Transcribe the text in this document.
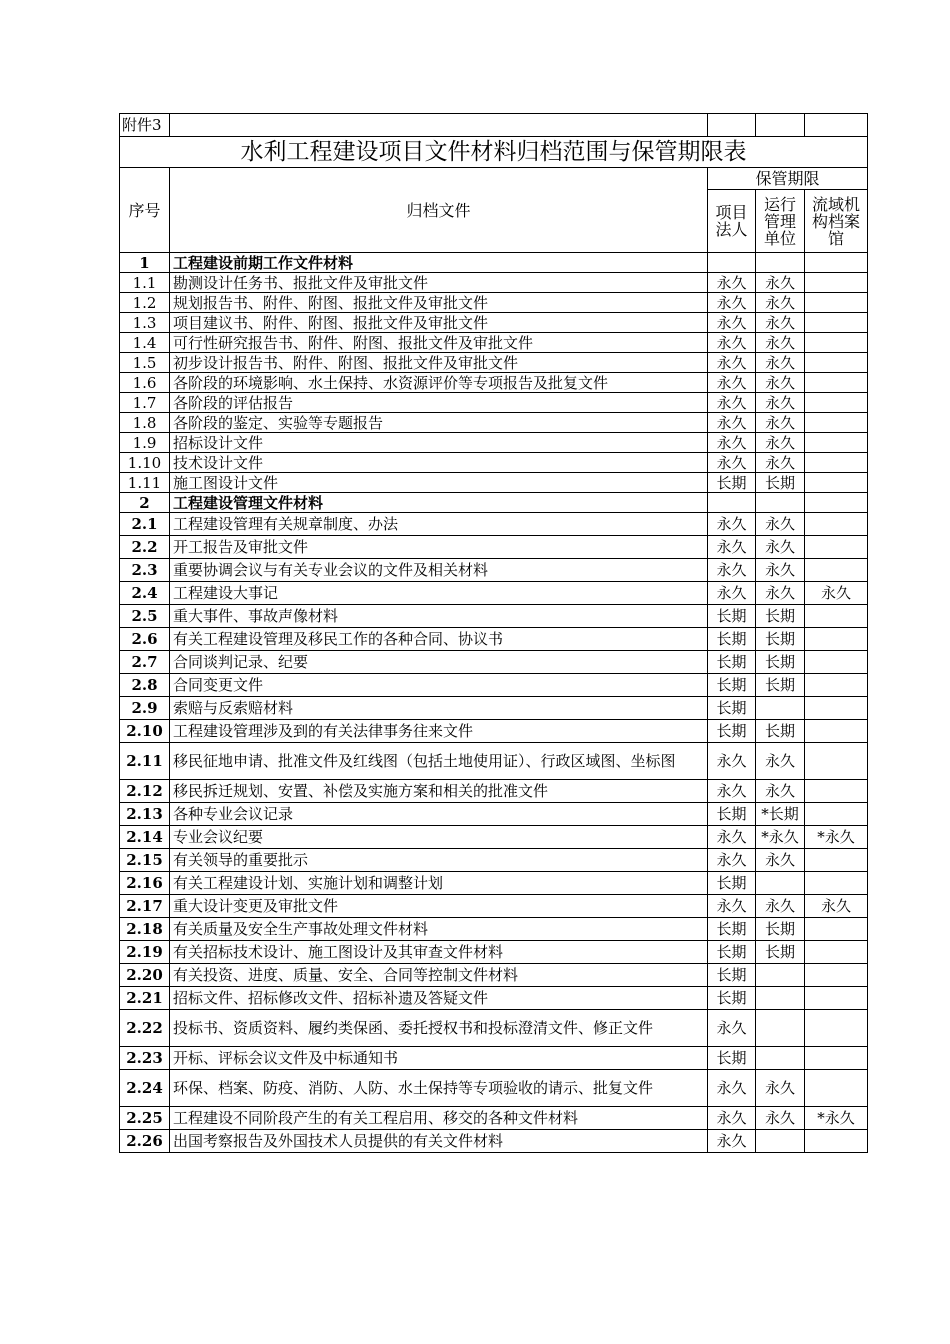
附件3				
水利工程建设项目文件材料归档范围与保管期限表				
序号	归档文件	保管期限		
		项目法人	运行管理单位	流域机构档案馆
1	工程建设前期工作文件材料			
1.1	勘测设计任务书、报批文件及审批文件	永久	永久	
1.2	规划报告书、附件、附图、报批文件及审批文件	永久	永久	
1.3	项目建议书、附件、附图、报批文件及审批文件	永久	永久	
1.4	可行性研究报告书、附件、附图、报批文件及审批文件	永久	永久	
1.5	初步设计报告书、附件、附图、报批文件及审批文件	永久	永久	
1.6	各阶段的环境影响、水土保持、水资源评价等专项报告及批复文件	永久	永久	
1.7	各阶段的评估报告	永久	永久	
1.8	各阶段的鉴定、实验等专题报告	永久	永久	
1.9	招标设计文件	永久	永久	
1.10	技术设计文件	永久	永久	
1.11	施工图设计文件	长期	长期	
2	工程建设管理文件材料			
2.1	工程建设管理有关规章制度、办法	永久	永久	
2.2	开工报告及审批文件	永久	永久	
2.3	重要协调会议与有关专业会议的文件及相关材料	永久	永久	
2.4	工程建设大事记	永久	永久	永久
2.5	重大事件、事故声像材料	长期	长期	
2.6	有关工程建设管理及移民工作的各种合同、协议书	长期	长期	
2.7	合同谈判记录、纪要	长期	长期	
2.8	合同变更文件	长期	长期	
2.9	索赔与反索赔材料	长期		
2.10	工程建设管理涉及到的有关法律事务往来文件	长期	长期	
2.11	移民征地申请、批准文件及红线图（包括土地使用证）、行政区域图、坐标图	永久	永久	
2.12	移民拆迁规划、安置、补偿及实施方案和相关的批准文件	永久	永久	
2.13	各种专业会议记录	长期	*长期	
2.14	专业会议纪要	永久	*永久	*永久
2.15	有关领导的重要批示	永久	永久	
2.16	有关工程建设计划、实施计划和调整计划	长期		
2.17	重大设计变更及审批文件	永久	永久	永久
2.18	有关质量及安全生产事故处理文件材料	长期	长期	
2.19	有关招标技术设计、施工图设计及其审查文件材料	长期	长期	
2.20	有关投资、进度、质量、安全、合同等控制文件材料	长期		
2.21	招标文件、招标修改文件、招标补遗及答疑文件	长期		
2.22	投标书、资质资料、履约类保函、委托授权书和投标澄清文件、修正文件	永久		
2.23	开标、评标会议文件及中标通知书	长期		
2.24	环保、档案、防疫、消防、人防、水土保持等专项验收的请示、批复文件	永久	永久	
2.25	工程建设不同阶段产生的有关工程启用、移交的各种文件材料	永久	永久	*永久
2.26	出国考察报告及外国技术人员提供的有关文件材料	永久		
